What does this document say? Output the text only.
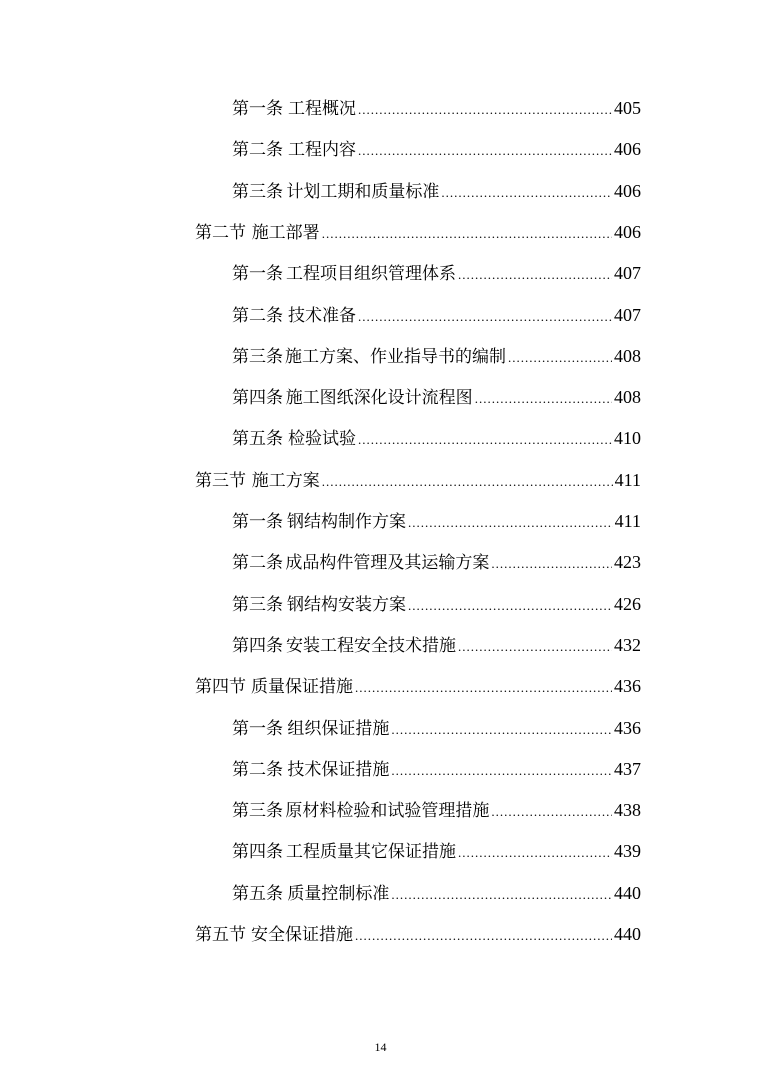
第一条 工程概况 .....	405
第二条 工程内容 .....	406
第三条 计划工期和质量标准 .....	406
第二节 施工部署 .....	406
第一条 工程项目组织管理体系 .....	407
第二条 技术准备 .....	407
第三条 施工方案、作业指导书的编制 .....	408
第四条 施工图纸深化设计流程图 .....	408
第五条 检验试验 .....	410
第三节 施工方案 .....	411
第一条 钢结构制作方案 .....	411
第二条 成品构件管理及其运输方案 .....	423
第三条 钢结构安装方案 .....	426
第四条 安装工程安全技术措施 .....	432
第四节 质量保证措施 .....	436
第一条 组织保证措施 .....	436
第二条 技术保证措施 .....	437
第三条 原材料检验和试验管理措施 .....	438
第四条 工程质量其它保证措施 .....	439
第五条 质量控制标准 .....	440
第五节 安全保证措施 .....	440
14
